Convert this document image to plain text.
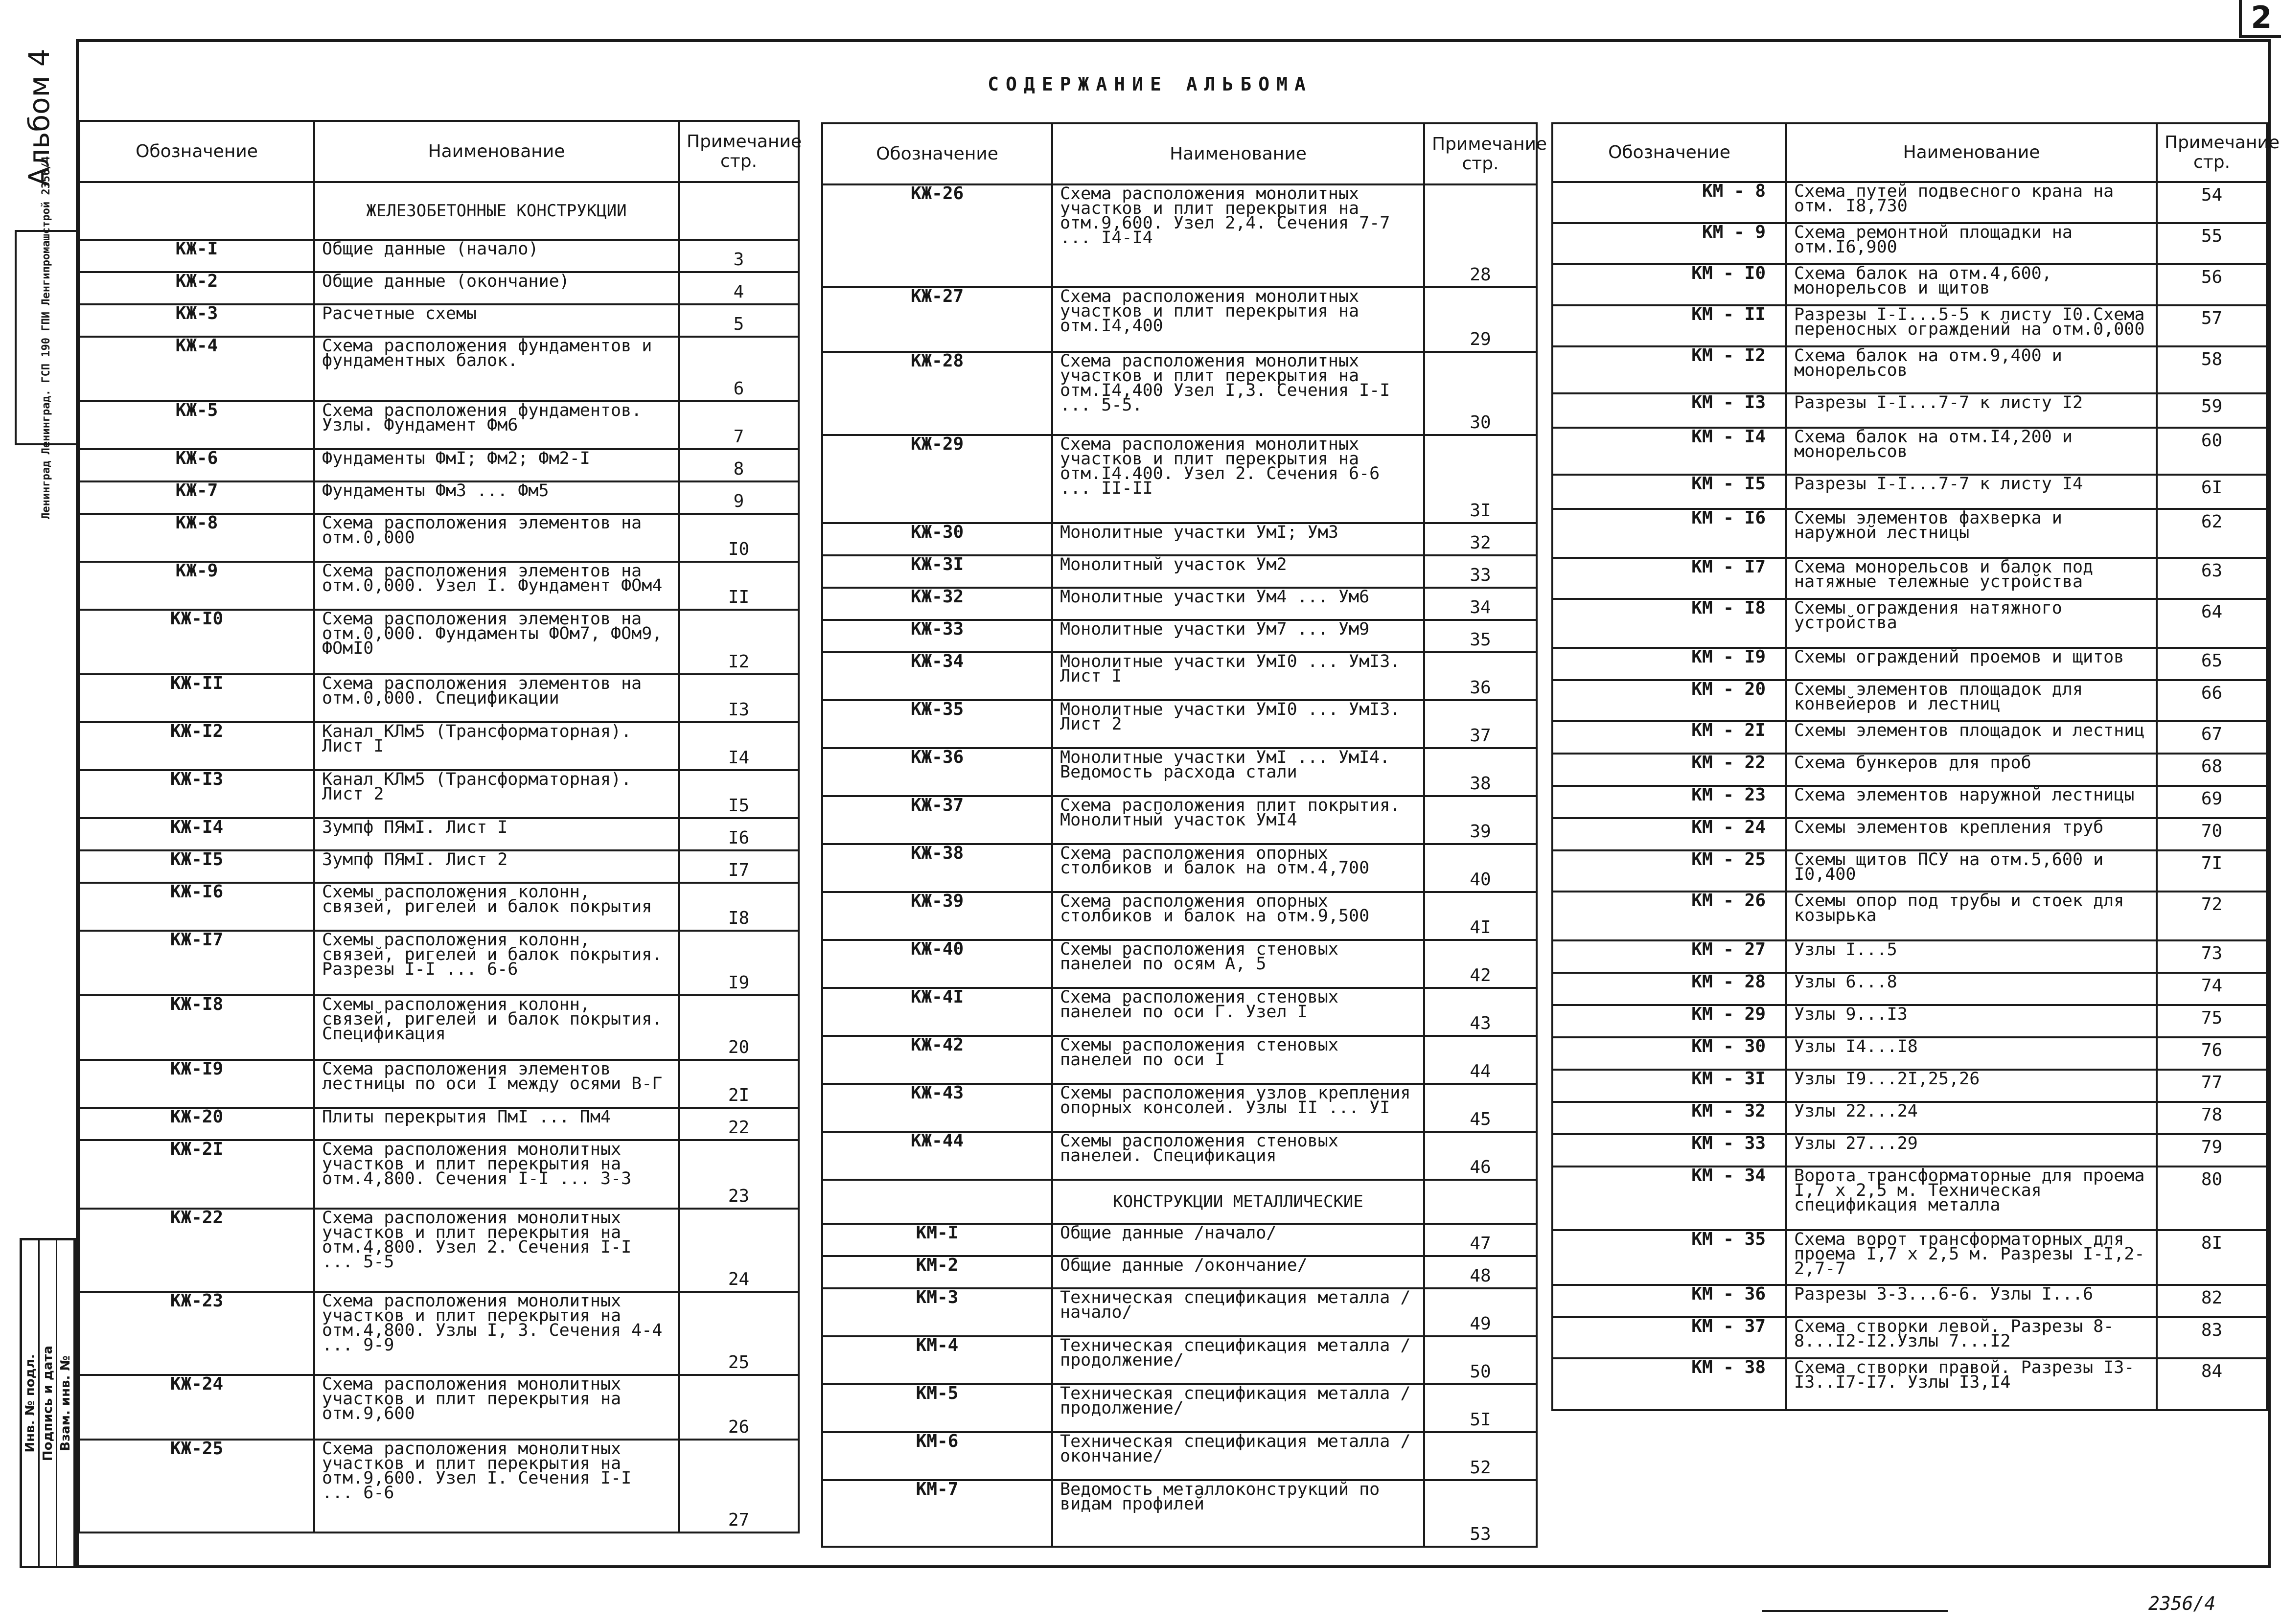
2
Альбом 4
Ленинград Ленинград. ГСП 190 ГПИ Ленгипромашстрой 2356/4
Инв. № подл. Подпись и дата Взам. инв. №
СОДЕРЖАНИЕ АЛЬБОМА
Обозначение	Наименование	Примечание стр.
	ЖЕЛЕЗОБЕТОННЫЕ КОНСТРУКЦИИ	
КЖ-I	Общие данные (начало)	3
КЖ-2	Общие данные (окончание)	4
КЖ-3	Расчетные схемы	5
КЖ-4	Схема расположения фундаментов и фундаментных балок.	6
КЖ-5	Схема расположения фундаментов. Узлы. Фундамент Фм6	7
КЖ-6	Фундаменты ФмI; Фм2; Фм2-I	8
КЖ-7	Фундаменты Фм3 ... Фм5	9
КЖ-8	Схема расположения элементов на отм.0,000	I0
КЖ-9	Схема расположения элементов на отм.0,000. Узел I. Фундамент ФОм4	II
КЖ-I0	Схема расположения элементов на отм.0,000. Фундаменты ФОм7, ФОм9, ФОмI0	I2
КЖ-II	Схема расположения элементов на отм.0,000. Спецификации	I3
КЖ-I2	Канал КЛм5 (Трансформаторная). Лист I	I4
КЖ-I3	Канал КЛм5 (Трансформаторная). Лист 2	I5
КЖ-I4	Зумпф ПЯмI. Лист I	I6
КЖ-I5	Зумпф ПЯмI. Лист 2	I7
КЖ-I6	Схемы расположения колонн, связей, ригелей и балок покрытия	I8
КЖ-I7	Схемы расположения колонн, связей, ригелей и балок покрытия. Разрезы I-I ... 6-6	I9
КЖ-I8	Схемы расположения колонн, связей, ригелей и балок покрытия. Спецификация	20
КЖ-I9	Схема расположения элементов лестницы по оси I между осями В-Г	2I
КЖ-20	Плиты перекрытия ПмI ... Пм4	22
КЖ-2I	Схема расположения монолитных участков и плит перекрытия на отм.4,800. Сечения I-I ... 3-3	23
КЖ-22	Схема расположения монолитных участков и плит перекрытия на отм.4,800. Узел 2. Сечения I-I ... 5-5	24
КЖ-23	Схема расположения монолитных участков и плит перекрытия на отм.4,800. Узлы I, 3. Сечения 4-4 ... 9-9	25
КЖ-24	Схема расположения монолитных участков и плит перекрытия на отм.9,600	26
КЖ-25	Схема расположения монолитных участков и плит перекрытия на отм.9,600. Узел I. Сечения I-I ... 6-6	27
Обозначение	Наименование	Примечание стр.
КЖ-26	Схема расположения монолитных участков и плит перекрытия на отм.9,600. Узел 2,4. Сечения 7-7 ... I4-I4	28
КЖ-27	Схема расположения монолитных участков и плит перекрытия на отм.I4,400	29
КЖ-28	Схема расположения монолитных участков и плит перекрытия на отм.I4,400 Узел I,3. Сечения I-I ... 5-5.	30
КЖ-29	Схема расположения монолитных участков и плит перекрытия на отм.I4.400. Узел 2. Сечения 6-6 ... II-II	3I
КЖ-30	Монолитные участки УмI; Ум3	32
КЖ-3I	Монолитный участок Ум2	33
КЖ-32	Монолитные участки Ум4 ... Ум6	34
КЖ-33	Монолитные участки Ум7 ... Ум9	35
КЖ-34	Монолитные участки УмI0 ... УмI3. Лист I	36
КЖ-35	Монолитные участки УмI0 ... УмI3. Лист 2	37
КЖ-36	Монолитные участки УмI ... УмI4. Ведомость расхода стали	38
КЖ-37	Схема расположения плит покрытия. Монолитный участок УмI4	39
КЖ-38	Схема расположения опорных столбиков и балок на отм.4,700	40
КЖ-39	Схема расположения опорных столбиков и балок на отм.9,500	4I
КЖ-40	Схемы расположения стеновых панелей по осям А, 5	42
КЖ-4I	Схема расположения стеновых панелей по оси Г. Узел I	43
КЖ-42	Схемы расположения стеновых панелей по оси I	44
КЖ-43	Схемы расположения узлов крепления опорных консолей. Узлы II ... УI	45
КЖ-44	Схемы расположения стеновых панелей. Спецификация	46
	КОНСТРУКЦИИ МЕТАЛЛИЧЕСКИЕ	
КМ-I	Общие данные /начало/	47
КМ-2	Общие данные /окончание/	48
КМ-3	Техническая спецификация металла /начало/	49
КМ-4	Техническая спецификация металла /продолжение/	50
КМ-5	Техническая спецификация металла /продолжение/	5I
КМ-6	Техническая спецификация металла /окончание/	52
КМ-7	Ведомость металлоконструкций по видам профилей	53
Обозначение	Наименование	Примечание стр.
КМ - 8	Схема путей подвесного крана на отм. I8,730	54
КМ - 9	Схема ремонтной площадки на отм.I6,900	55
КМ - I0	Схема балок на отм.4,600, монорельсов и щитов	56
КМ - II	Разрезы I-I...5-5 к листу I0.Схема переносных ограждений на отм.0,000	57
КМ - I2	Схема балок на отм.9,400 и монорельсов	58
КМ - I3	Разрезы I-I...7-7 к листу I2	59
КМ - I4	Схема балок на отм.I4,200 и монорельсов	60
КМ - I5	Разрезы I-I...7-7 к листу I4	6I
КМ - I6	Схемы элементов фахверка и наружной лестницы	62
КМ - I7	Схема монорельсов и балок под натяжные тележные устройства	63
КМ - I8	Схемы ограждения натяжного устройства	64
КМ - I9	Схемы ограждений проемов и щитов	65
КМ - 20	Схемы элементов площадок для конвейеров и лестниц	66
КМ - 2I	Схемы элементов площадок и лестниц	67
КМ - 22	Схема бункеров для проб	68
КМ - 23	Схема элементов наружной лестницы	69
КМ - 24	Схемы элементов крепления труб	70
КМ - 25	Схемы щитов ПСУ на отм.5,600 и I0,400	7I
КМ - 26	Схемы опор под трубы и стоек для козырька	72
КМ - 27	Узлы I...5	73
КМ - 28	Узлы 6...8	74
КМ - 29	Узлы 9...I3	75
КМ - 30	Узлы I4...I8	76
КМ - 3I	Узлы I9...2I,25,26	77
КМ - 32	Узлы 22...24	78
КМ - 33	Узлы 27...29	79
КМ - 34	Ворота трансформаторные для проема I,7 х 2,5 м. Техническая спецификация металла	80
КМ - 35	Схема ворот трансформаторных для проема I,7 х 2,5 м. Разрезы I-I,2-2,7-7	8I
КМ - 36	Разрезы 3-3...6-6. Узлы I...6	82
КМ - 37	Схема створки левой. Разрезы 8-8...I2-I2.Узлы 7...I2	83
КМ - 38	Схема створки правой. Разрезы I3-I3..I7-I7. Узлы I3,I4	84
2356/4
